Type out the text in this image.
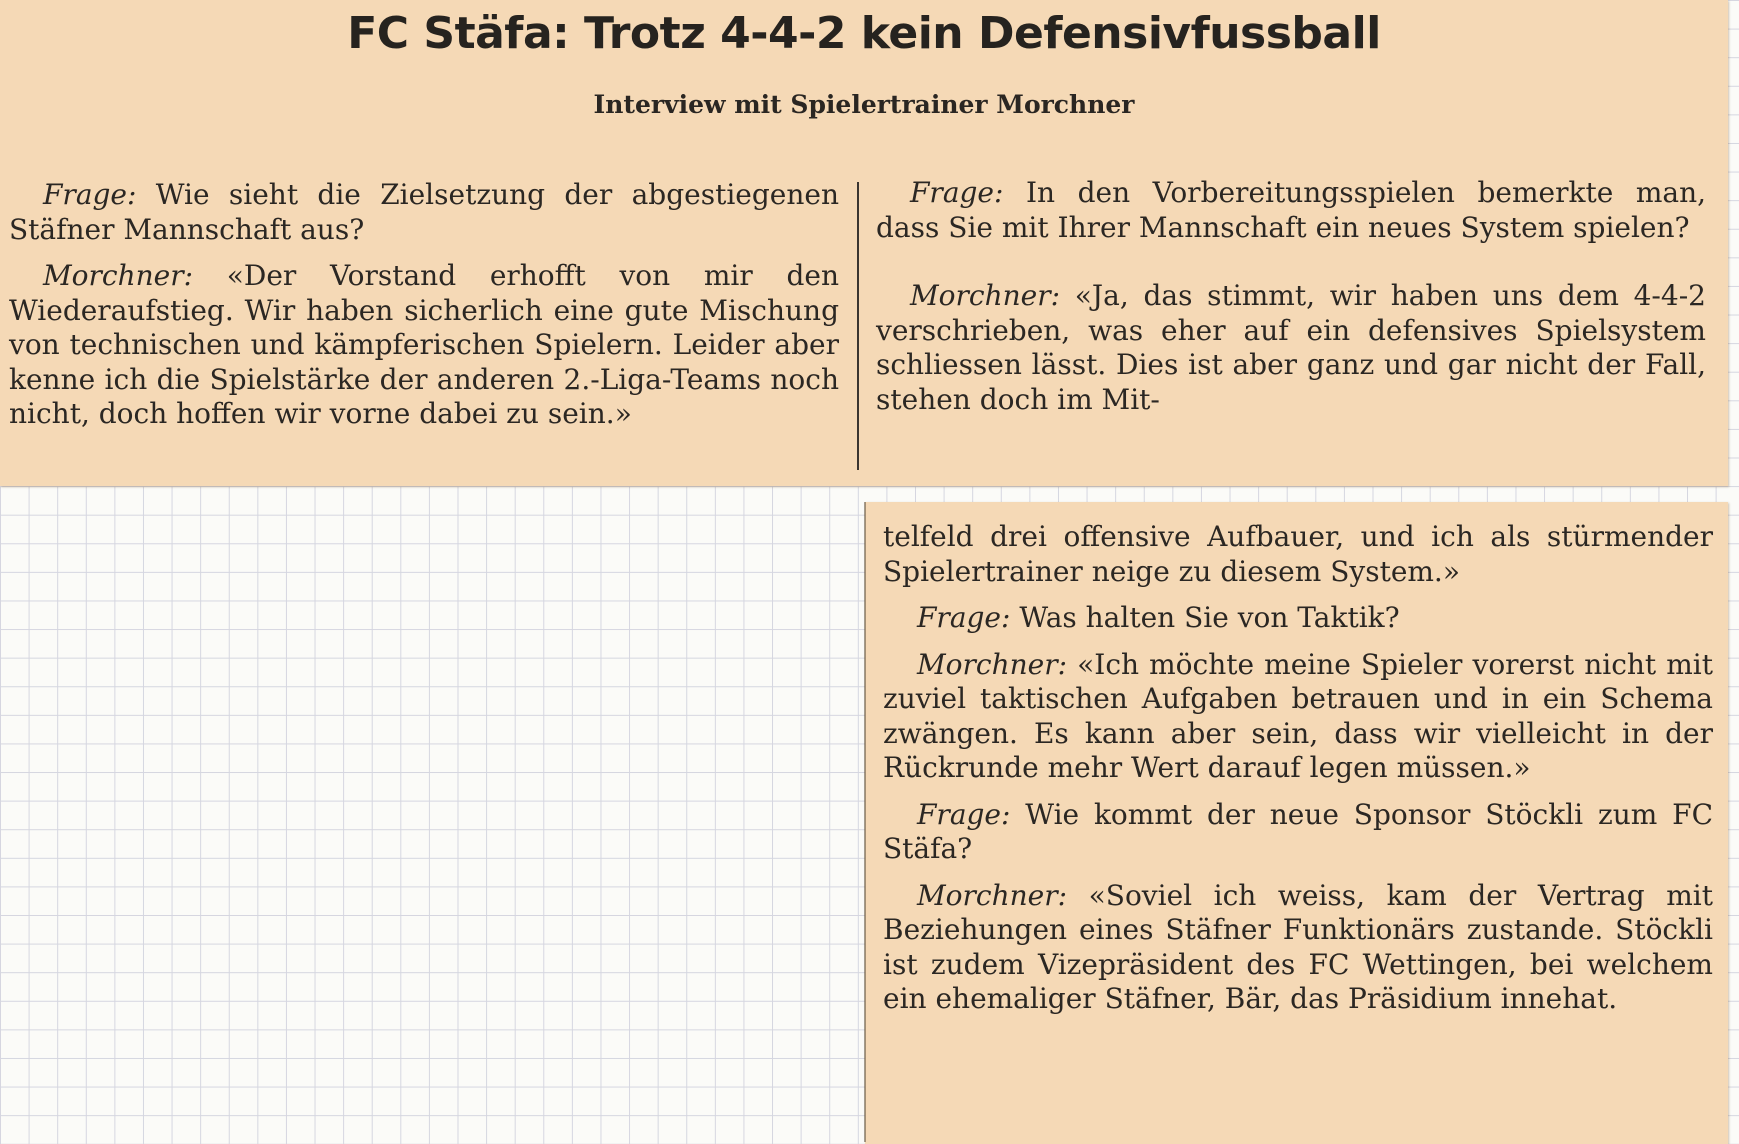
FC Stäfa: Trotz 4-4-2 kein Defensivfussball
Interview mit Spielertrainer Morchner

Frage: Wie sieht die Zielsetzung der abgestiegenen Stäfner Mannschaft aus?

Morchner: «Der Vorstand erhofft von mir den Wiederaufstieg. Wir haben sicherlich eine gute Mischung von technischen und kämpferischen Spielern. Leider aber kenne ich die Spielstärke der anderen 2.-Liga-Teams noch nicht, doch hoffen wir vorne dabei zu sein.»

Frage: In den Vorbereitungsspielen bemerkte man, dass Sie mit Ihrer Mannschaft ein neues System spielen?

Morchner: «Ja, das stimmt, wir haben uns dem 4-4-2 verschrieben, was eher auf ein defensives Spielsystem schliessen lässt. Dies ist aber ganz und gar nicht der Fall, stehen doch im Mit-

telfeld drei offensive Aufbauer, und ich als stürmender Spielertrainer neige zu diesem System.»

Frage: Was halten Sie von Taktik?

Morchner: «Ich möchte meine Spieler vorerst nicht mit zuviel taktischen Aufgaben betrauen und in ein Schema zwängen. Es kann aber sein, dass wir vielleicht in der Rückrunde mehr Wert darauf legen müssen.»

Frage: Wie kommt der neue Sponsor Stöckli zum FC Stäfa?

Morchner: «Soviel ich weiss, kam der Vertrag mit Beziehungen eines Stäfner Funktionärs zustande. Stöckli ist zudem Vizepräsident des FC Wettingen, bei welchem ein ehemaliger Stäfner, Bär, das Präsidium innehat.
